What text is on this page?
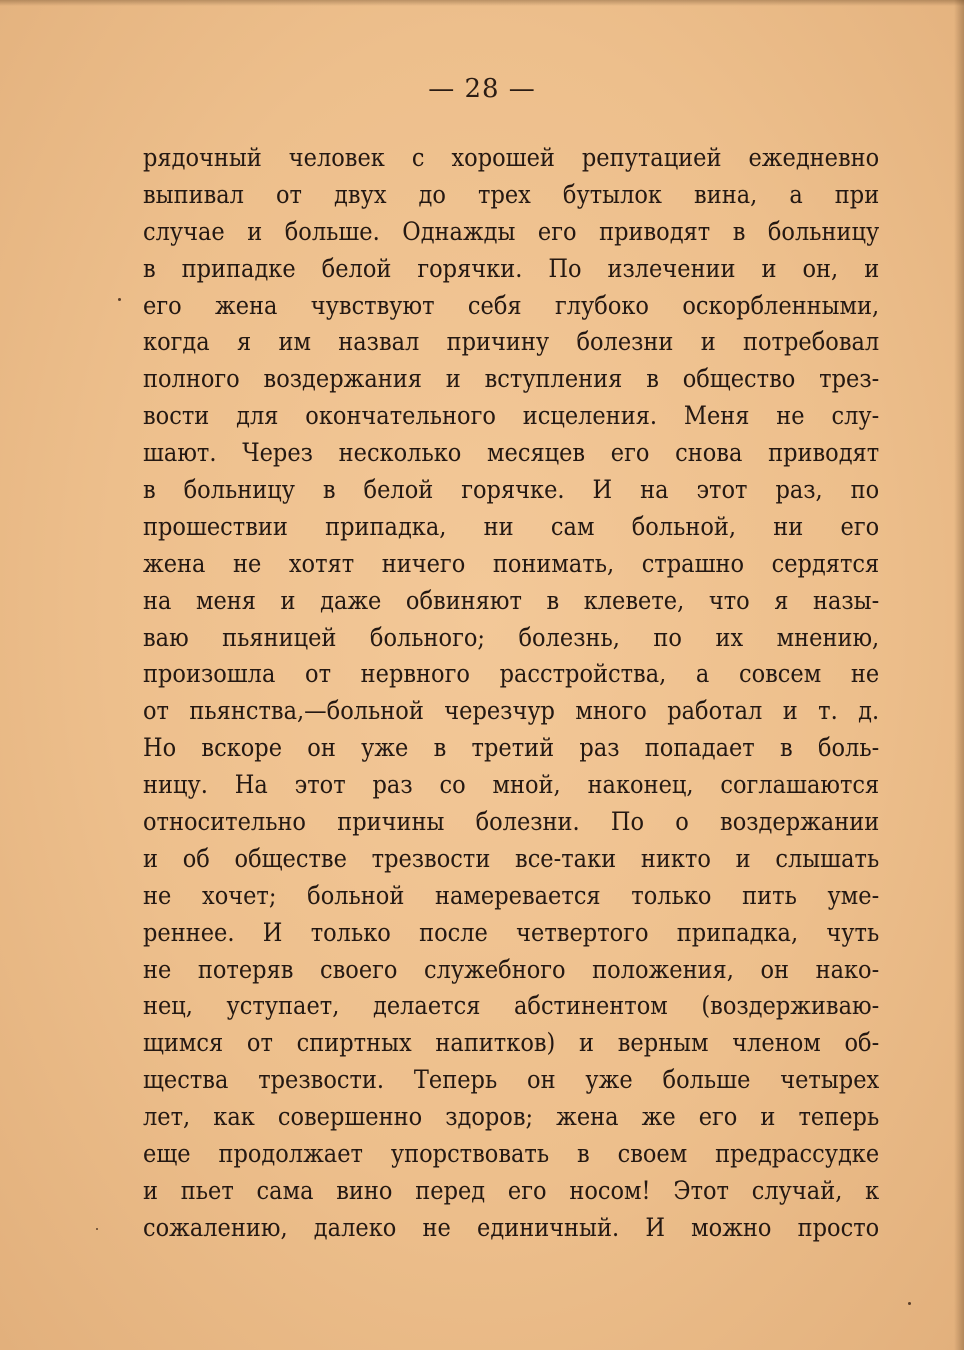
— 28 —
рядочный человек с хорошей репутацией ежедневно
выпивал от двух до трех бутылок вина, а при
случае и больше. Однажды его приводят в больницу
в припадке белой горячки. По излечении и он, и
его жена чувствуют себя глубоко оскорбленными,
когда я им назвал причину болезни и потребовал
полного воздержания и вступления в общество трез-
вости для окончательного исцеления. Меня не слу-
шают. Через несколько месяцев его снова приводят
в больницу в белой горячке. И на этот раз, по
прошествии припадка, ни сам больной, ни его
жена не хотят ничего понимать, страшно сердятся
на меня и даже обвиняют в клевете, что я назы-
ваю пьяницей больного; болезнь, по их мнению,
произошла от нервного расстройства, а совсем не
от пьянства,—больной черезчур много работал и т. д.
Но вскоре он уже в третий раз попадает в боль-
ницу. На этот раз со мной, наконец, соглашаются
относительно причины болезни. По о воздержании
и об обществе трезвости все-таки никто и слышать
не хочет; больной намеревается только пить уме-
реннее. И только после четвертого припадка, чуть
не потеряв своего служебного положения, он нако-
нец, уступает, делается абстинентом (воздерживаю-
щимся от спиртных напитков) и верным членом об-
щества трезвости. Теперь он уже больше четырех
лет, как совершенно здоров; жена же его и теперь
еще продолжает упорствовать в своем предрассудке
и пьет сама вино перед его носом! Этот случай, к
сожалению, далеко не единичный. И можно просто
